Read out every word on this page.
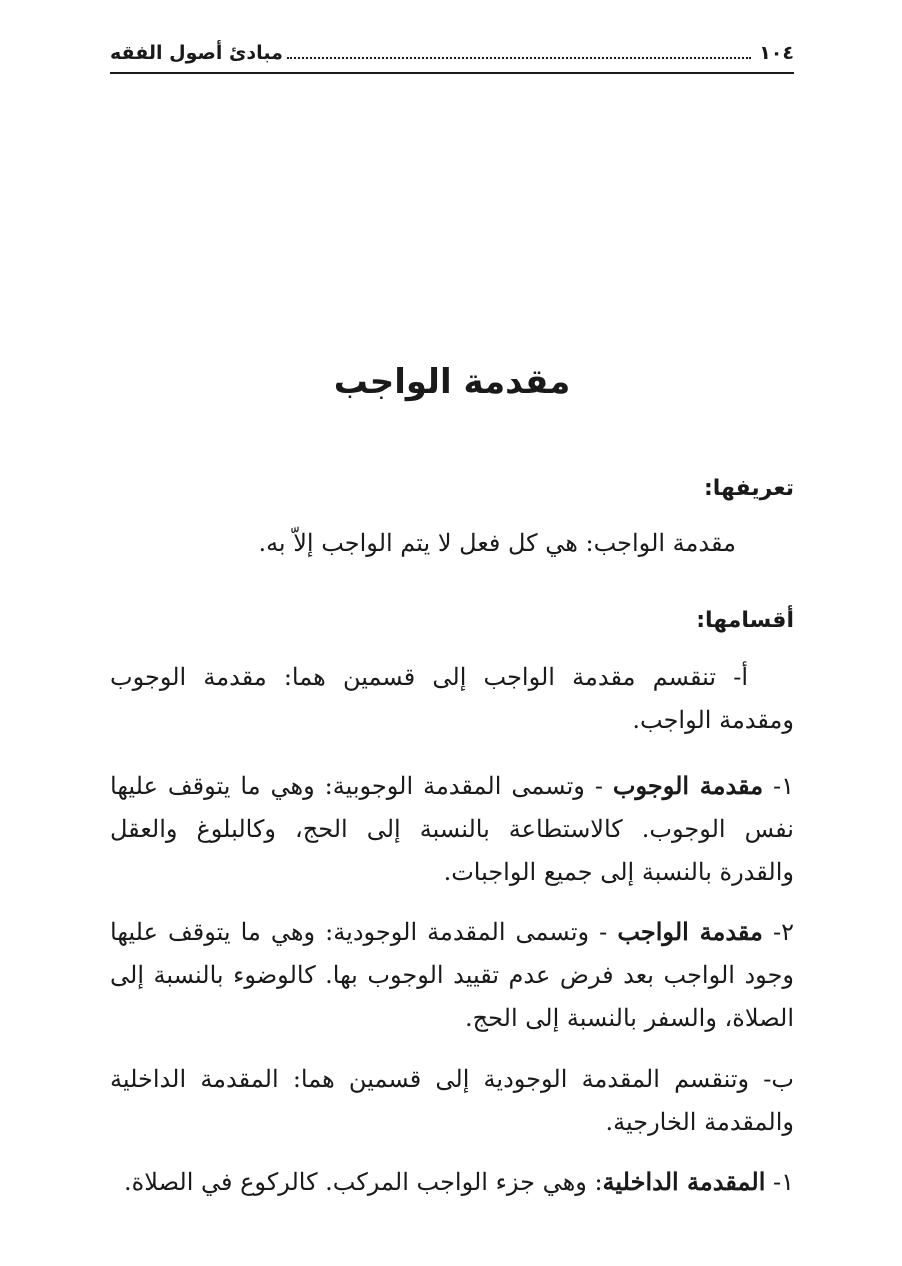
١٠٤
مبادئ أصول الفقه
مقدمة الواجب
تعريفها:
مقدمة الواجب: هي كل فعل لا يتم الواجب إلاّ به.
أقسامها:
أ- تنقسم مقدمة الواجب إلى قسمين هما: مقدمة الوجوب ومقدمة الواجب.
١- مقدمة الوجوب - وتسمى المقدمة الوجوبية: وهي ما يتوقف عليها نفس الوجوب. كالاستطاعة بالنسبة إلى الحج، وكالبلوغ والعقل والقدرة بالنسبة إلى جميع الواجبات.
٢- مقدمة الواجب - وتسمى المقدمة الوجودية: وهي ما يتوقف عليها وجود الواجب بعد فرض عدم تقييد الوجوب بها. كالوضوء بالنسبة إلى الصلاة، والسفر بالنسبة إلى الحج.
ب- وتنقسم المقدمة الوجودية إلى قسمين هما: المقدمة الداخلية والمقدمة الخارجية.
١- المقدمة الداخلية: وهي جزء الواجب المركب. كالركوع في الصلاة.
